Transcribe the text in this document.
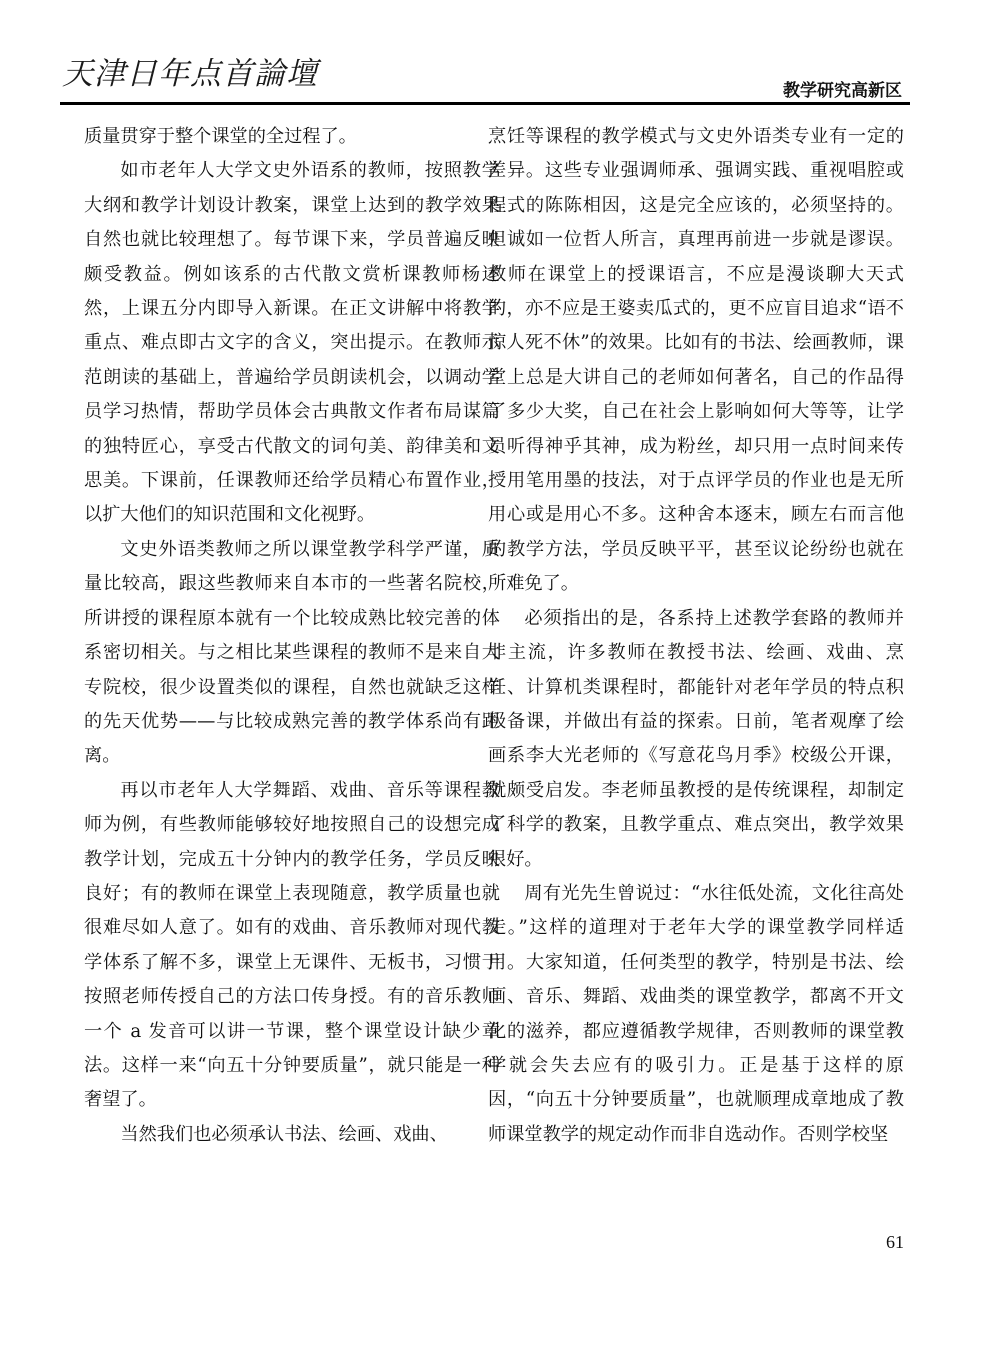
天津日年点首論壇	教学研究高新区

质量贯穿于整个课堂的全过程了。

如市老年人大学文史外语系的教师，按照教学大纲和教学计划设计教案，课堂上达到的教学效果自然也就比较理想了。每节课下来，学员普遍反映颇受教益。例如该系的古代散文赏析课教师杨述然，上课五分内即导入新课。在正文讲解中将教学重点、难点即古文字的含义，突出提示。在教师示范朗读的基础上，普遍给学员朗读机会，以调动学员学习热情，帮助学员体会古典散文作者布局谋篇的独特匠心，享受古代散文的词句美、韵律美和文思美。下课前，任课教师还给学员精心布置作业，以扩大他们的知识范围和文化视野。

文史外语类教师之所以课堂教学科学严谨，质量比较高，跟这些教师来自本市的一些著名院校，所讲授的课程原本就有一个比较成熟比较完善的体系密切相关。与之相比某些课程的教师不是来自大专院校，很少设置类似的课程，自然也就缺乏这样的先天优势——与比较成熟完善的教学体系尚有距离。

再以市老年人大学舞蹈、戏曲、音乐等课程教师为例，有些教师能够较好地按照自己的设想完成教学计划，完成五十分钟内的教学任务，学员反映良好；有的教师在课堂上表现随意，教学质量也就很难尽如人意了。如有的戏曲、音乐教师对现代教学体系了解不多，课堂上无课件、无板书，习惯于按照老师传授自己的方法口传身授。有的音乐教师一个 a 发音可以讲一节课，整个课堂设计缺少章法。这样一来“向五十分钟要质量”，就只能是一种奢望了。

当然我们也必须承认书法、绘画、戏曲、

烹饪等课程的教学模式与文史外语类专业有一定的差异。这些专业强调师承、强调实践、重视唱腔或程式的陈陈相因，这是完全应该的，必须坚持的。但诚如一位哲人所言，真理再前进一步就是谬误。教师在课堂上的授课语言，不应是漫谈聊大天式的，亦不应是王婆卖瓜式的，更不应盲目追求“语不惊人死不休”的效果。比如有的书法、绘画教师，课堂上总是大讲自己的老师如何著名，自己的作品得了多少大奖，自己在社会上影响如何大等等，让学员听得神乎其神，成为粉丝，却只用一点时间来传授用笔用墨的技法，对于点评学员的作业也是无所用心或是用心不多。这种舍本逐末，顾左右而言他的教学方法，学员反映平平，甚至议论纷纷也就在所难免了。

必须指出的是，各系持上述教学套路的教师并非主流，许多教师在教授书法、绘画、戏曲、烹饪、计算机类课程时，都能针对老年学员的特点积极备课，并做出有益的探索。日前，笔者观摩了绘画系李大光老师的《写意花鸟月季》校级公开课，就颇受启发。李老师虽教授的是传统课程，却制定了科学的教案，且教学重点、难点突出，教学效果很好。

周有光先生曾说过：“水往低处流，文化往高处走。”这样的道理对于老年大学的课堂教学同样适用。大家知道，任何类型的教学，特别是书法、绘画、音乐、舞蹈、戏曲类的课堂教学，都离不开文化的滋养，都应遵循教学规律，否则教师的课堂教学就会失去应有的吸引力。正是基于这样的原因，“向五十分钟要质量”，也就顺理成章地成了教师课堂教学的规定动作而非自选动作。否则学校坚

61
